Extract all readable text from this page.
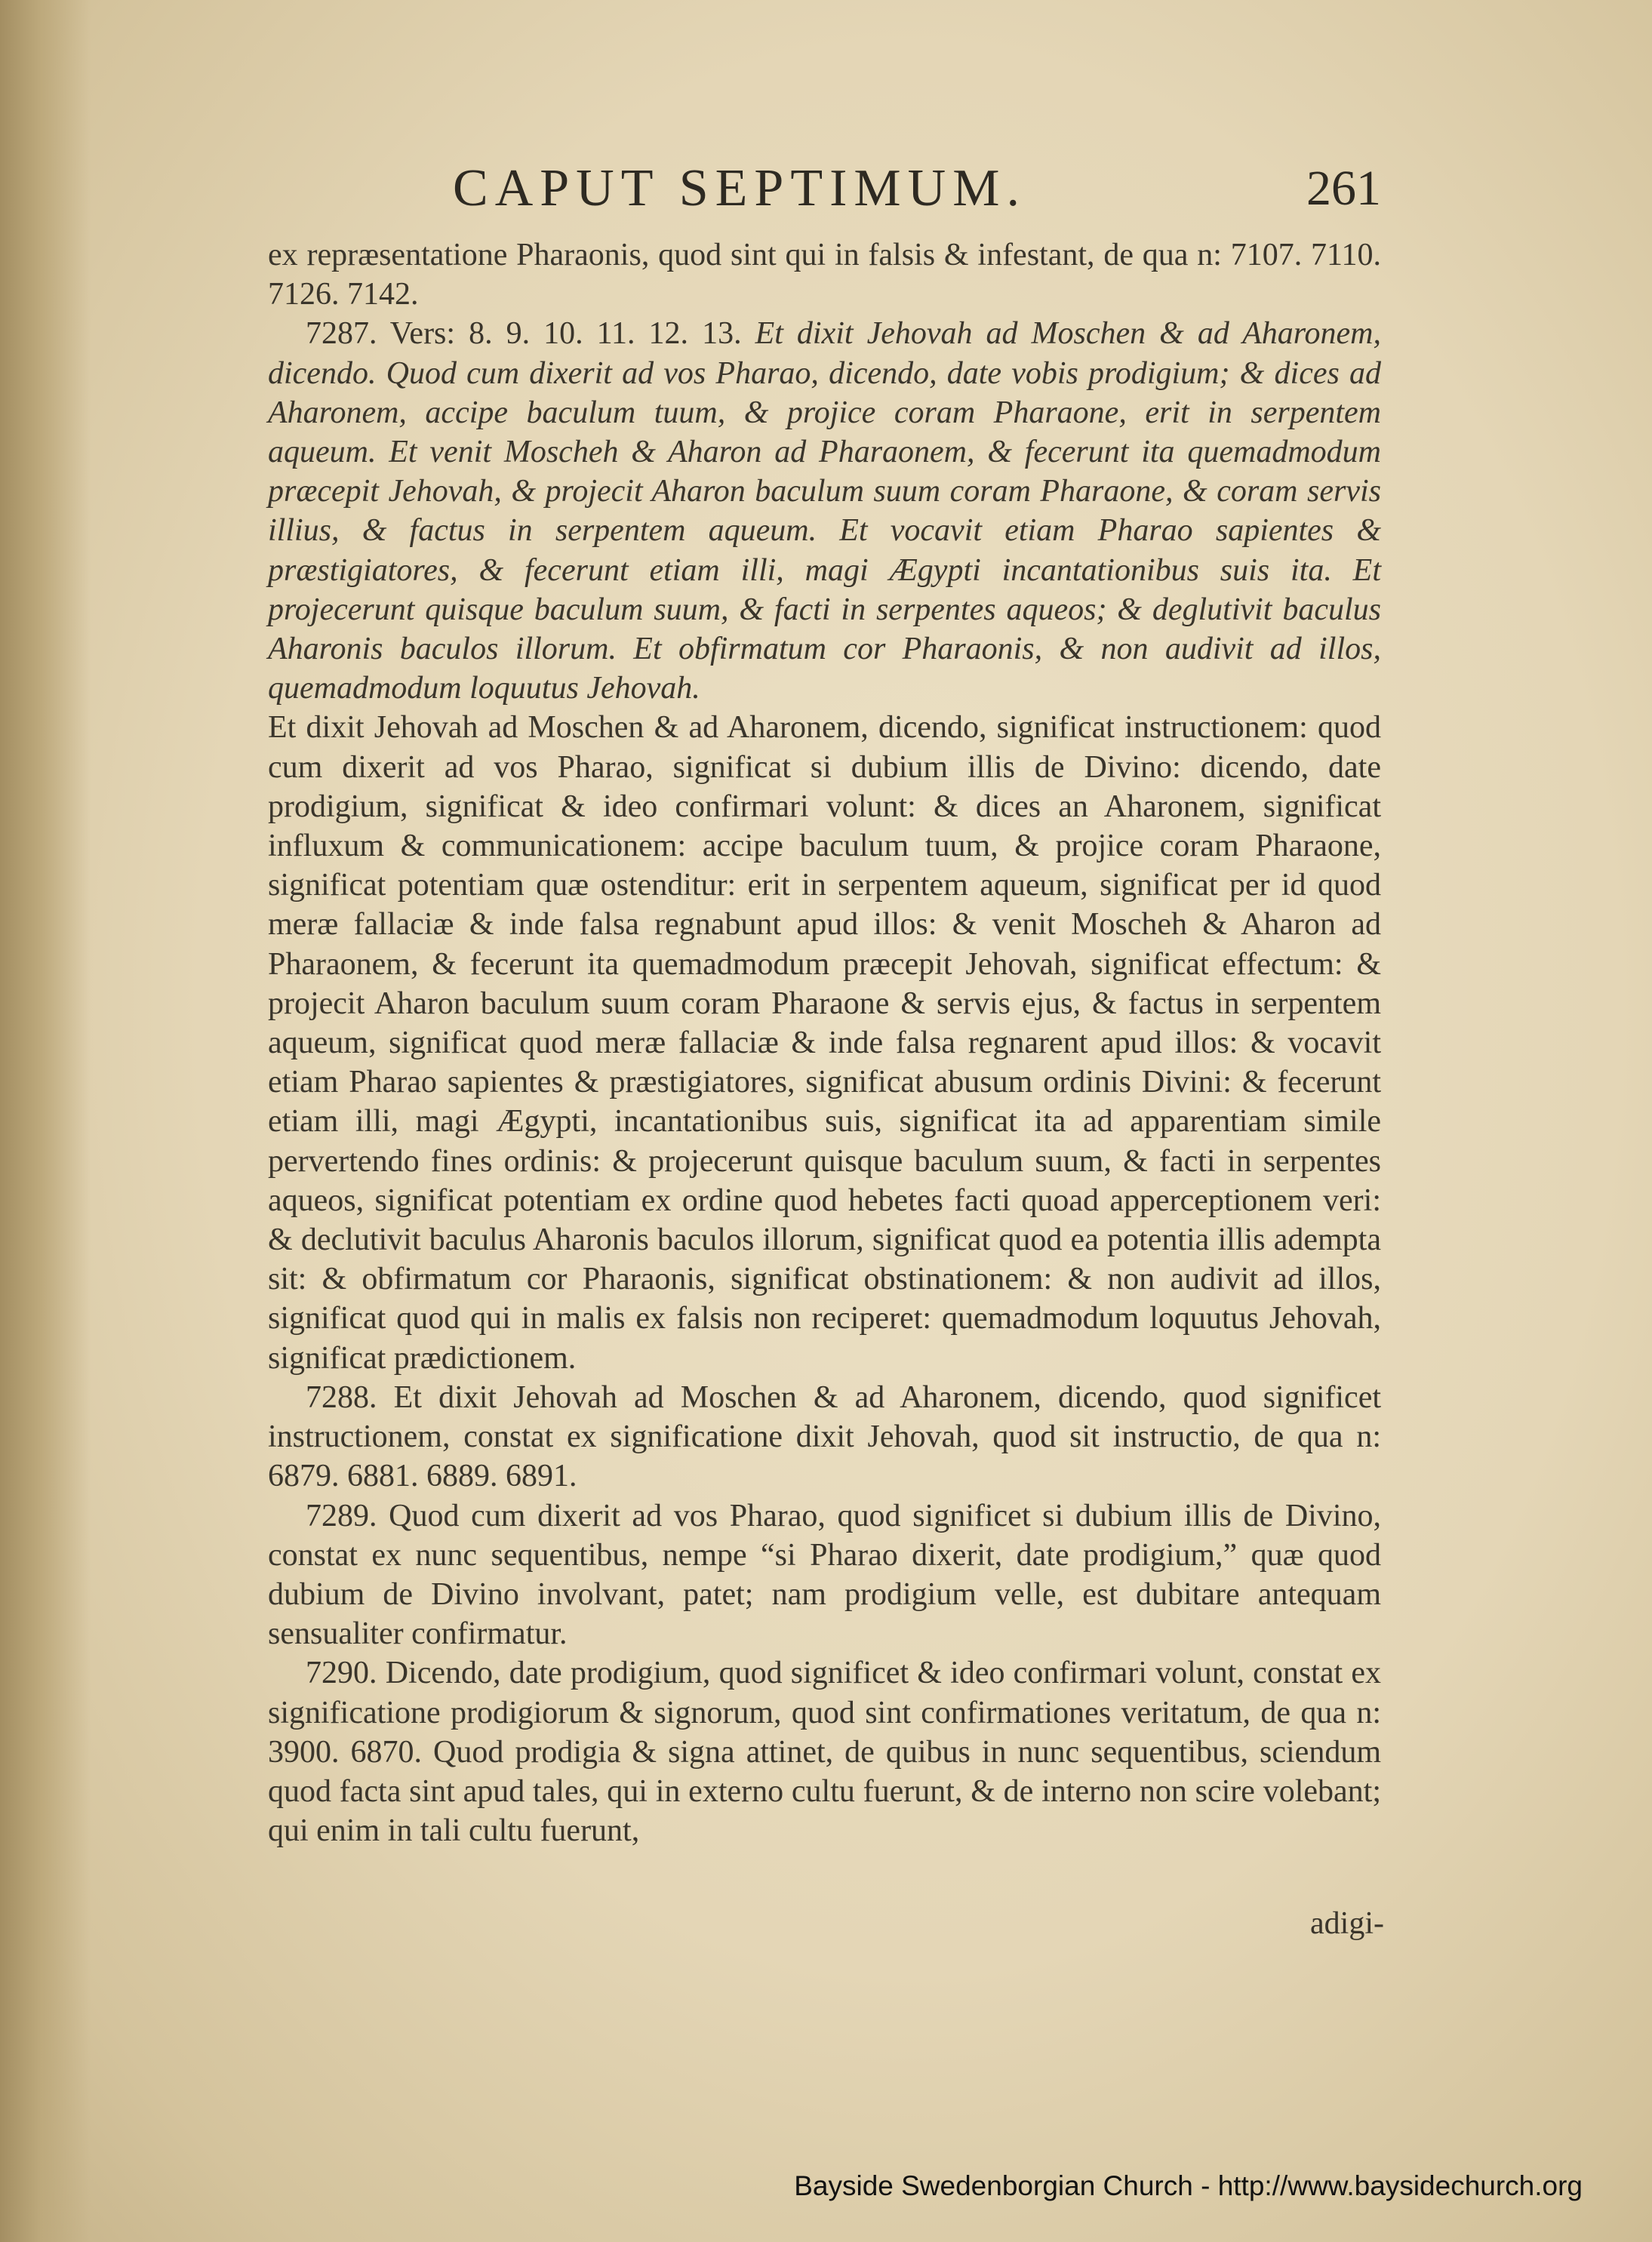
CAPUT SEPTIMUM.	261

ex repræsentatione Pharaonis, quod sint qui in falsis & infestant, de qua n: 7107. 7110. 7126. 7142.

7287. Vers: 8. 9. 10. 11. 12. 13. Et dixit Jehovah ad Moschen & ad Aharonem, dicendo. Quod cum dixerit ad vos Pharao, dicendo, date vobis prodigium; & dices ad Aharonem, accipe baculum tuum, & projice coram Pharaone, erit in serpentem aqueum. Et venit Moscheh & Aharon ad Pharaonem, & fecerunt ita quemadmodum præcepit Jehovah, & projecit Aharon baculum suum coram Pharaone, & coram servis illius, & factus in serpentem aqueum. Et vocavit etiam Pharao sapientes & præstigiatores, & fecerunt etiam illi, magi Ægypti incantationibus suis ita. Et projecerunt quisque baculum suum, & facti in serpentes aqueos; & deglutivit baculus Aharonis baculos illorum. Et obfirmatum cor Pharaonis, & non audivit ad illos, quemadmodum loquutus Jehovah.

Et dixit Jehovah ad Moschen & ad Aharonem, dicendo, significat instructionem: quod cum dixerit ad vos Pharao, significat si dubium illis de Divino: dicendo, date prodigium, significat & ideo confirmari volunt: & dices an Aharonem, significat influxum & communicationem: accipe baculum tuum, & projice coram Pharaone, significat potentiam quæ ostenditur: erit in serpentem aqueum, significat per id quod meræ fallaciæ & inde falsa regnabunt apud illos: & venit Moscheh & Aharon ad Pharaonem, & fecerunt ita quemadmodum præcepit Jehovah, significat effectum: & projecit Aharon baculum suum coram Pharaone & servis ejus, & factus in serpentem aqueum, significat quod meræ fallaciæ & inde falsa regnarent apud illos: & vocavit etiam Pharao sapientes & præstigiatores, significat abusum ordinis Divini: & fecerunt etiam illi, magi Ægypti, incantationibus suis, significat ita ad apparentiam simile pervertendo fines ordinis: & projecerunt quisque baculum suum, & facti in serpentes aqueos, significat potentiam ex ordine quod hebetes facti quoad apperceptionem veri: & declutivit baculus Aharonis baculos illorum, significat quod ea potentia illis adempta sit: & obfirmatum cor Pharaonis, significat obstinationem: & non audivit ad illos, significat quod qui in malis ex falsis non reciperet: quemadmodum loquutus Jehovah, significat prædictionem.

7288. Et dixit Jehovah ad Moschen & ad Aharonem, dicendo, quod significet instructionem, constat ex significatione dixit Jehovah, quod sit instructio, de qua n: 6879. 6881. 6889. 6891.

7289. Quod cum dixerit ad vos Pharao, quod significet si dubium illis de Divino, constat ex nunc sequentibus, nempe “si Pharao dixerit, date prodigium,” quæ quod dubium de Divino involvant, patet; nam prodigium velle, est dubitare antequam sensualiter confirmatur.

7290. Dicendo, date prodigium, quod significet & ideo confirmari volunt, constat ex significatione prodigiorum & signorum, quod sint confirmationes veritatum, de qua n: 3900. 6870. Quod prodigia & signa attinet, de quibus in nunc sequentibus, sciendum quod facta sint apud tales, qui in externo cultu fuerunt, & de interno non scire volebant; qui enim in tali cultu fuerunt,

adigi-
Bayside Swedenborgian Church - http://www.baysidechurch.org
